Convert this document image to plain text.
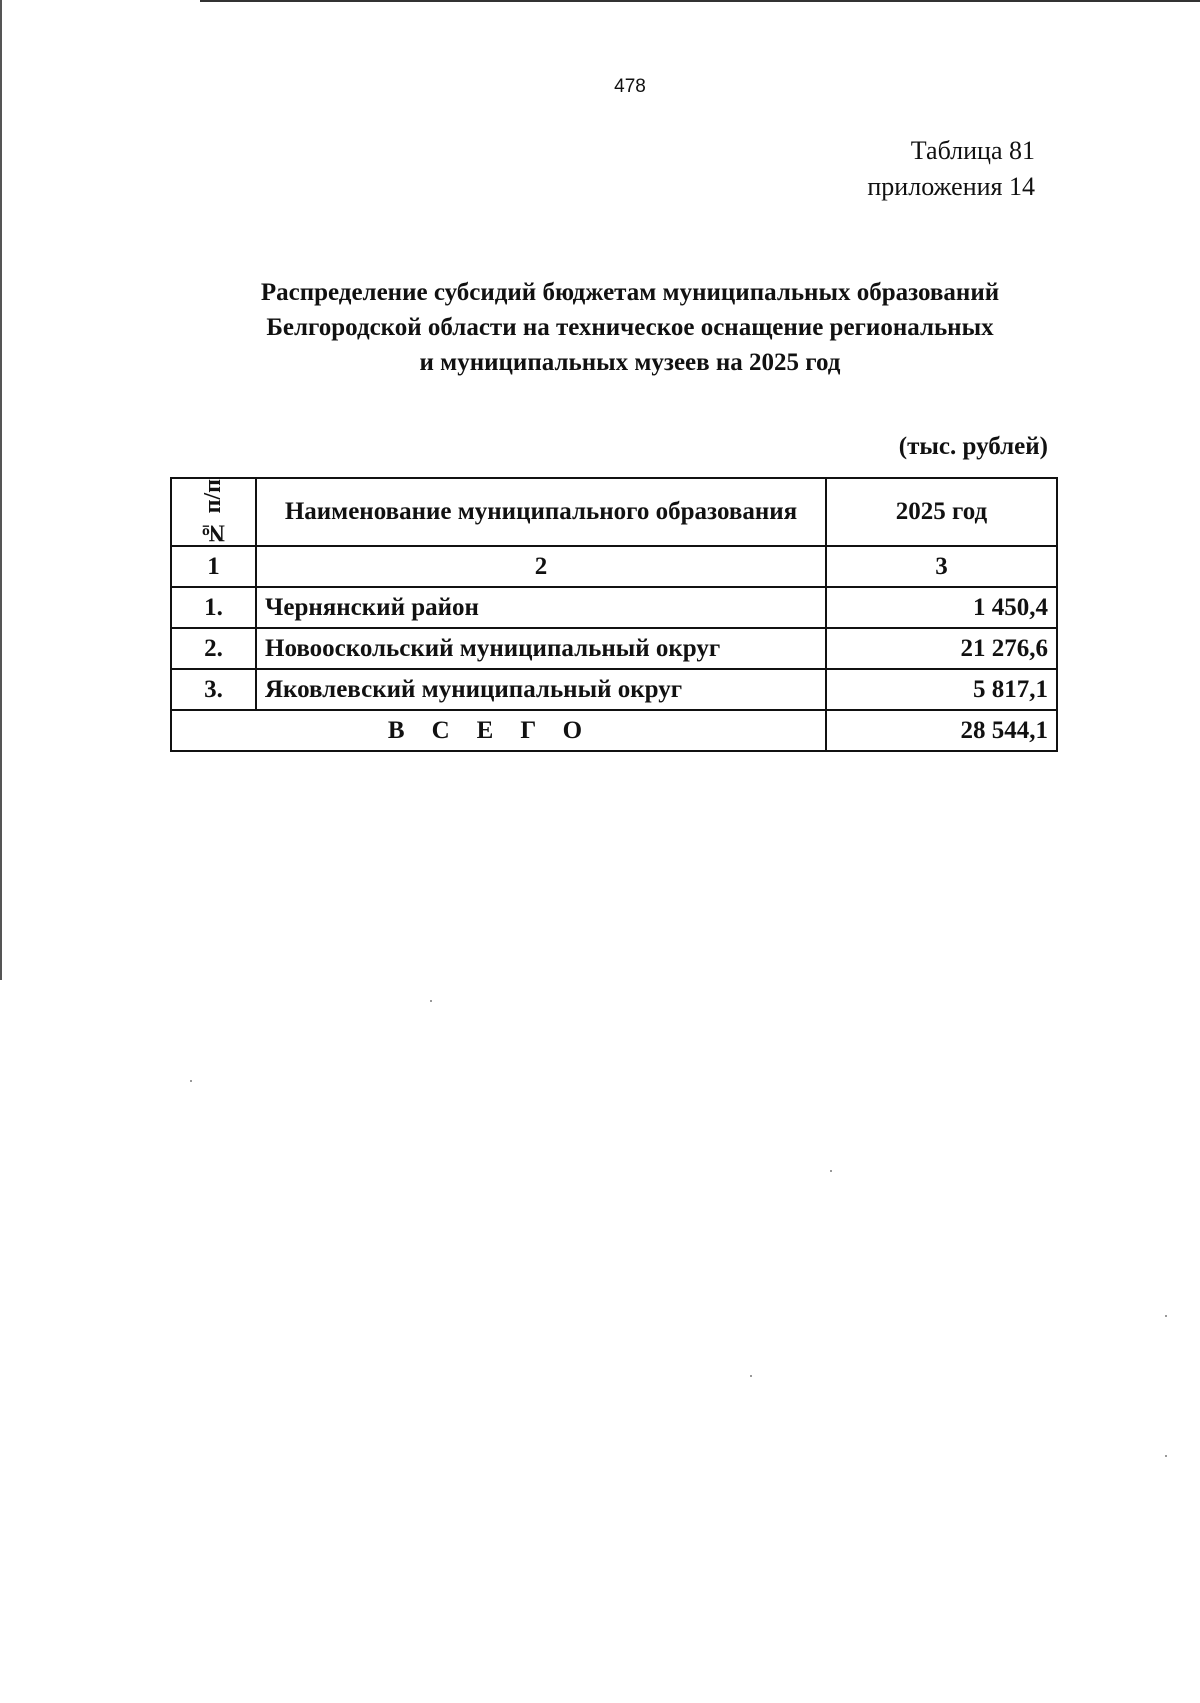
478
Таблица 81
приложения 14
Распределение субсидий бюджетам муниципальных образований
Белгородской области на техническое оснащение региональных
и муниципальных музеев на 2025 год
(тыс. рублей)
№ п/п	Наименование муниципального образования	2025 год
1	2	3
1.	Чернянский район	1 450,4
2.	Новооскольский муниципальный округ	21 276,6
3.	Яковлевский муниципальный округ	5 817,1
ВСЕГО		28 544,1
